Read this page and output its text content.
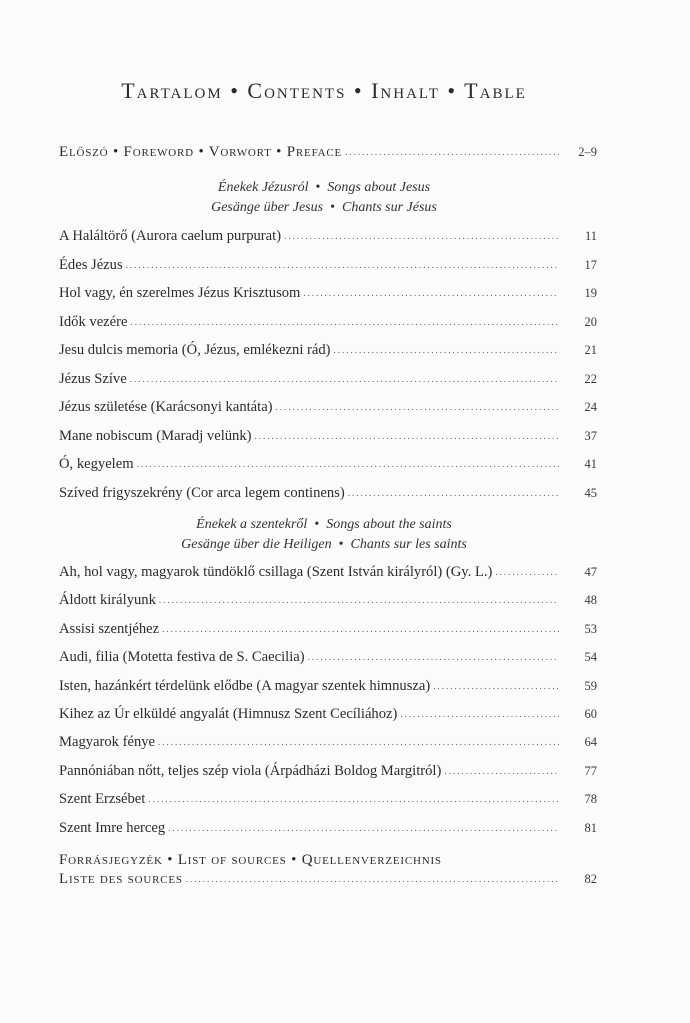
Tartalom • Contents • Inhalt • Table
Előszó • Foreword • Vorwort • Preface .....	2–9
Énekek Jézusról • Songs about Jesus
Gesänge über Jesus • Chants sur Jésus
A Haláltörő (Aurora caelum purpurat) .....	11
Édes Jézus .....	17
Hol vagy, én szerelmes Jézus Krisztusom .....	19
Idők vezére .....	20
Jesu dulcis memoria (Ó, Jézus, emlékezni rád) .....	21
Jézus Szíve .....	22
Jézus születése (Karácsonyi kantáta) .....	24
Mane nobiscum (Maradj velünk) .....	37
Ó, kegyelem .....	41
Szíved frigyszekrény (Cor arca legem continens) .....	45
Énekek a szentekről • Songs about the saints
Gesänge über die Heiligen • Chants sur les saints
Ah, hol vagy, magyarok tündöklő csillaga (Szent István királyról) (Gy. L.) .....	47
Áldott királyunk .....	48
Assisi szentjéhez .....	53
Audi, filia (Motetta festiva de S. Caecilia) .....	54
Isten, hazánkért térdelünk elődbe (A magyar szentek himnusza) .....	59
Kihez az Úr elküldé angyalát (Himnusz Szent Cecíliához) .....	60
Magyarok fénye .....	64
Pannóniában nőtt, teljes szép viola (Árpádházi Boldog Margitról) .....	77
Szent Erzsébet .....	78
Szent Imre herceg .....	81
Forrásjegyzék • List of sources • Quellenverzeichnis
Liste des sources .....	82
